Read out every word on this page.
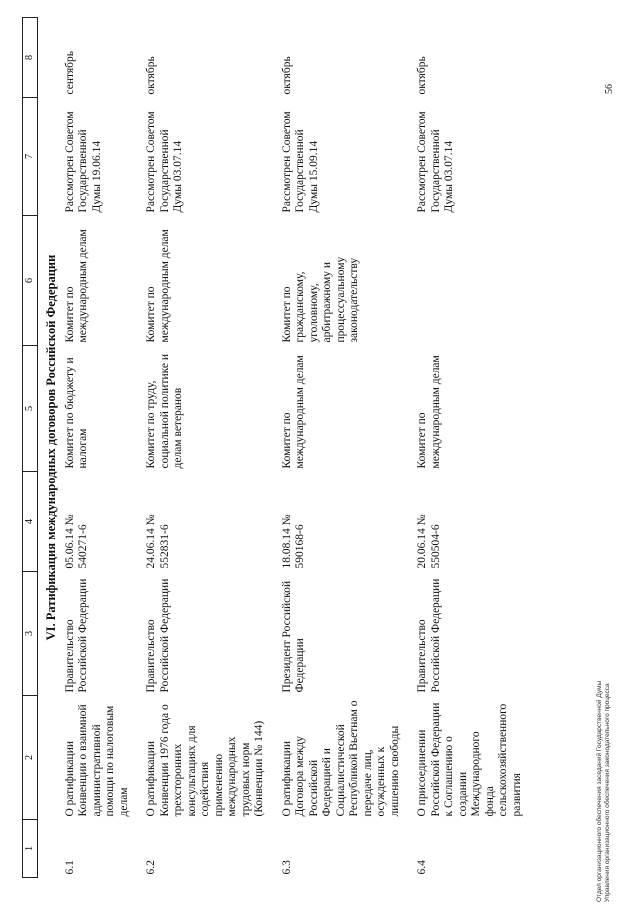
1	2	3	4	5	6	7	8
VI. Ратификация международных договоров Российской Федерации							
6.1	О ратификации Конвенции о взаимной административной помощи по налоговым делам	Правительство Российской Федерации	05.06.14 № 540271-6	Комитет по бюджету и налогам	Комитет по международным делам	Рассмотрен Советом Государственной Думы 19.06.14	сентябрь
6.2	О ратификации Конвенции 1976 года о трехсторонних консультациях для содействия применению международных трудовых норм (Конвенции № 144)	Правительство Российской Федерации	24.06.14 № 552831-6	Комитет по труду, социальной политике и делам ветеранов	Комитет по международным делам	Рассмотрен Советом Государственной Думы 03.07.14	октябрь
6.3	О ратификации Договора между Российской Федерацией и Социалистической Республикой Вьетнам о передаче лиц, осужденных к лишению свободы	Президент Российской Федерации	18.08.14 № 590168-6	Комитет по международным делам	Комитет по гражданскому, уголовному, арбитражному и процессуальному законодательству	Рассмотрен Советом Государственной Думы 15.09.14	октябрь
6.4	О присоединении Российской Федерации к Соглашению о создании Международного фонда сельскохозяйственного развития	Правительство Российской Федерации	20.06.14 № 550504-6	Комитет по международным делам		Рассмотрен Советом Государственной Думы 03.07.14	октябрь
Отдел организационного обеспечения заседаний Государственной Думы Управления организационного обеспечения законодательного процесса
56
